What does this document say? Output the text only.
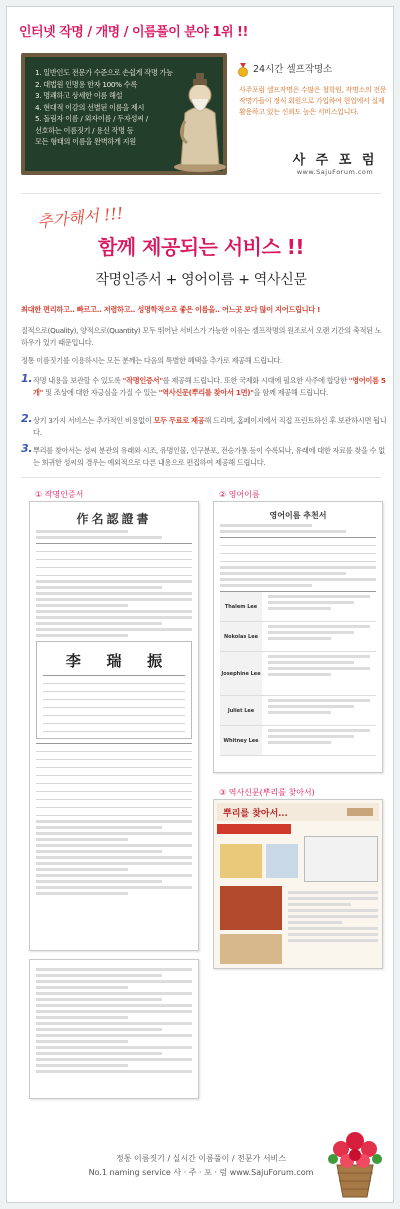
인터넷 작명 / 개명 / 이름풀이 분야 1위 !!
1. 일반인도 전문가 수준으로 손쉽게 작명 가능
2. 대법원 인명용 한자 100% 수록
3. 명쾌하고 상세한 이름 해설
4. 현대적 이감의 선별된 이름을 제시
5. 돌림자 이름 / 외자이름 / 두자성씨 /
선호하는 이름짓기 / 용신 작명 등
모든 형태의 이름을 완벽하게 지원
24시간 셀프작명소
사주포럼 셀프작명은 수많은 철학원, 작명소의 전문 작명가들이 정식 회원으로 가입하여 현업에서 실제 활용하고 있는 신뢰도 높은 서비스입니다.
사 주 포 럼
www.SajuForum.com
추가해서 !!!
함께 제공되는 서비스 !!
작명인증서 + 영어이름 + 역사신문
최대한 편리하고.. 빠르고.. 저렴하고.. 성명학적으로 좋은 이름을.. 어느곳 보다 많이 지어드립니다 !
질적으로(Quality), 양적으로(Quantity) 모두 뛰어난 서비스가 가능한 이유는 셀프작명의 원조로서 오랜 기간의 축적된 노하우가 있기 때문입니다.
정통 이름짓기를 이용하시는 모든 분께는 다음의 특별한 혜택을 추가로 제공해 드립니다.
1. 작명 내용을 보관할 수 있도록 "작명인증서"를 제공해 드립니다. 또한 국제화 시대에 필요한 사주에 합당한 "영어이름 5개" 및 조상에 대한 자긍심을 가질 수 있는 "역사신문(뿌리를 찾아서 1면)"을 함께 제공해 드립니다.
2. 상기 3가지 서비스는 추가적인 비용없이 모두 무료로 제공해 드리며, 홈페이지에서 직접 프린트하신 후 보관하시면 됩니다.
3. 뿌리를 찾아서는 성씨 분관의 유래와 시조, 유명인물, 인구분포, 전승가통 등이 수록되나, 유래에 대한 자료를 찾을 수 없는 희귀한 성씨의 경우는 예외적으로 다른 내용으로 편집하여 제공해 드립니다.
① 작명인증서	② 영어이름
③ 역사신문(뿌리를 찾아서)
作名認證書
李 瑞 振
영어이름 추천서
Thalem Lee
Nokolas Lee
Josephine Lee
Juliet Lee
Whitney Lee
뿌리를 찾아서...
정통 이름짓기 / 실시간 이름풀이 / 전문가 서비스
No.1 naming service 사 · 주 · 포 · 럼 www.SajuForum.com
